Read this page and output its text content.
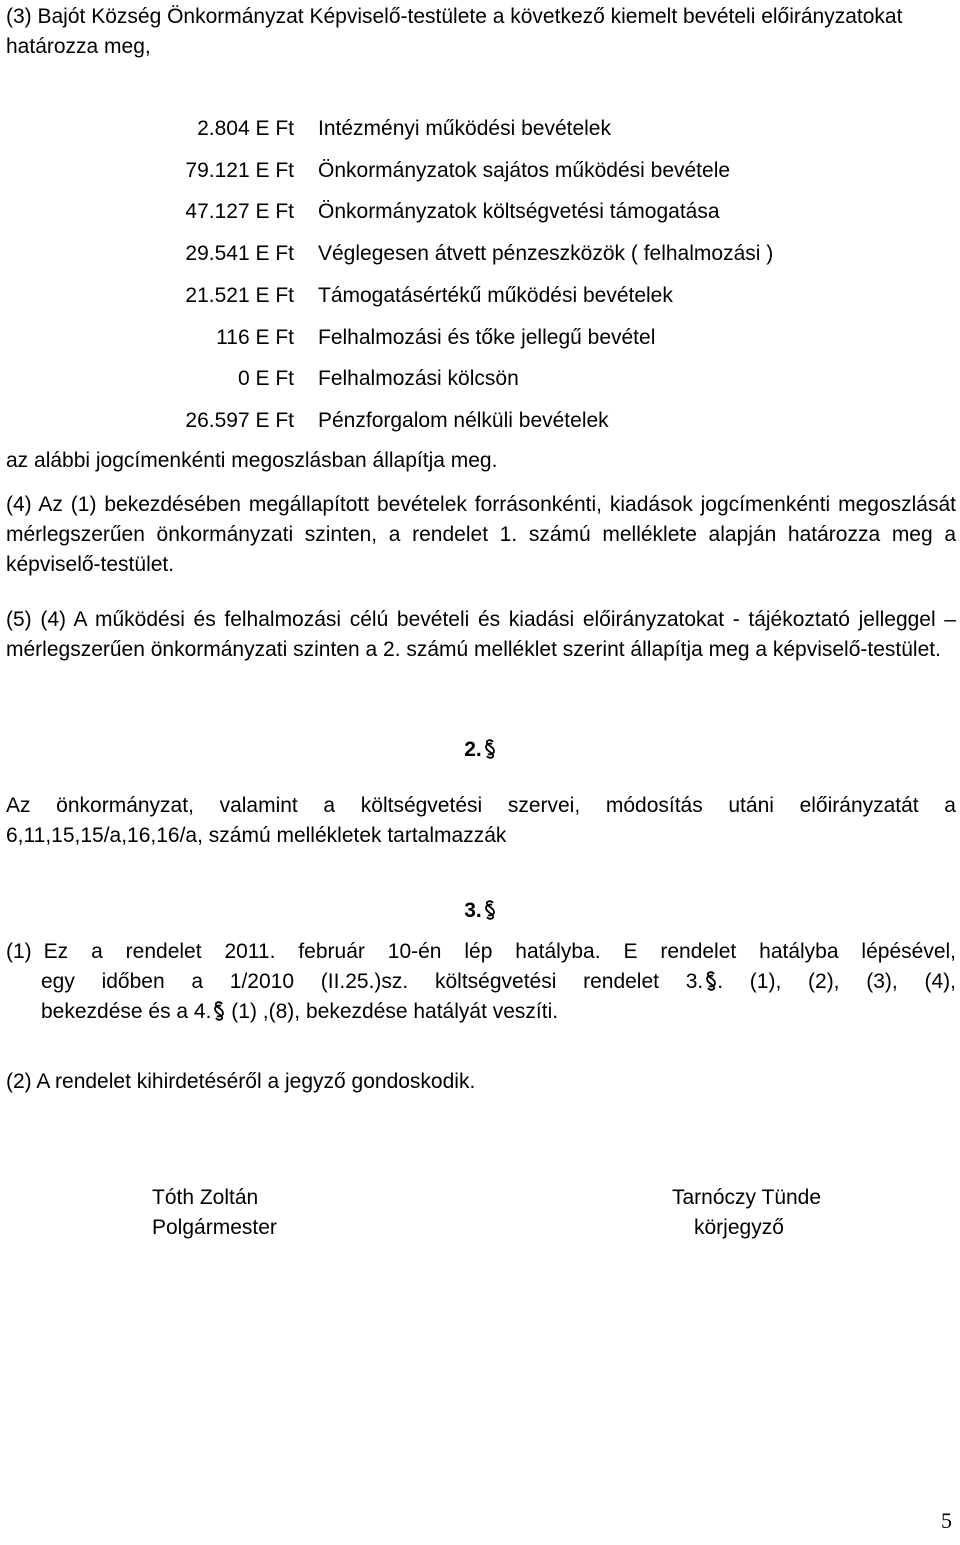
(3) Bajót Község Önkormányzat Képviselő-testülete a következő kiemelt bevételi előirányzatokat határozza meg,

2.804 E Ft Intézményi működési bevételek
79.121 E Ft Önkormányzatok sajátos működési bevétele
47.127 E Ft Önkormányzatok költségvetési támogatása
29.541 E Ft Véglegesen átvett pénzeszközök ( felhalmozási )
21.521 E Ft Támogatásértékű működési bevételek
116 E Ft Felhalmozási és tőke jellegű bevétel
0 E Ft Felhalmozási kölcsön
26.597 E Ft Pénzforgalom nélküli bevételek

az alábbi jogcímenkénti megoszlásban állapítja meg.

(4) Az (1) bekezdésében megállapított bevételek forrásonkénti, kiadások jogcímenkénti megoszlását mérlegszerűen önkormányzati szinten, a rendelet 1. számú melléklete alapján határozza meg a képviselő-testület.

(5) (4) A működési és felhalmozási célú bevételi és kiadási előirányzatokat - tájékoztató jelleggel – mérlegszerűen önkormányzati szinten a 2. számú melléklet szerint állapítja meg a képviselő-testület.

2.

Az önkormányzat, valamint a költségvetési szervei, módosítás utáni előirányzatát a 6,11,15,15/a,16,16/a, számú mellékletek tartalmazzák

3.
(1) Ez a rendelet 2011. február 10-én lép hatályba. E rendelet hatályba lépésével,
egy időben a 1/2010 (II.25.)sz. költségvetési rendelet 3. . (1), (2), (3), (4),
bekezdése és a 4. (1) ,(8), bekezdése hatályát veszíti.

(2) A rendelet kihirdetéséről a jegyző gondoskodik.

Tóth Zoltán
Polgármester
Tarnóczy Tünde
körjegyző
5
